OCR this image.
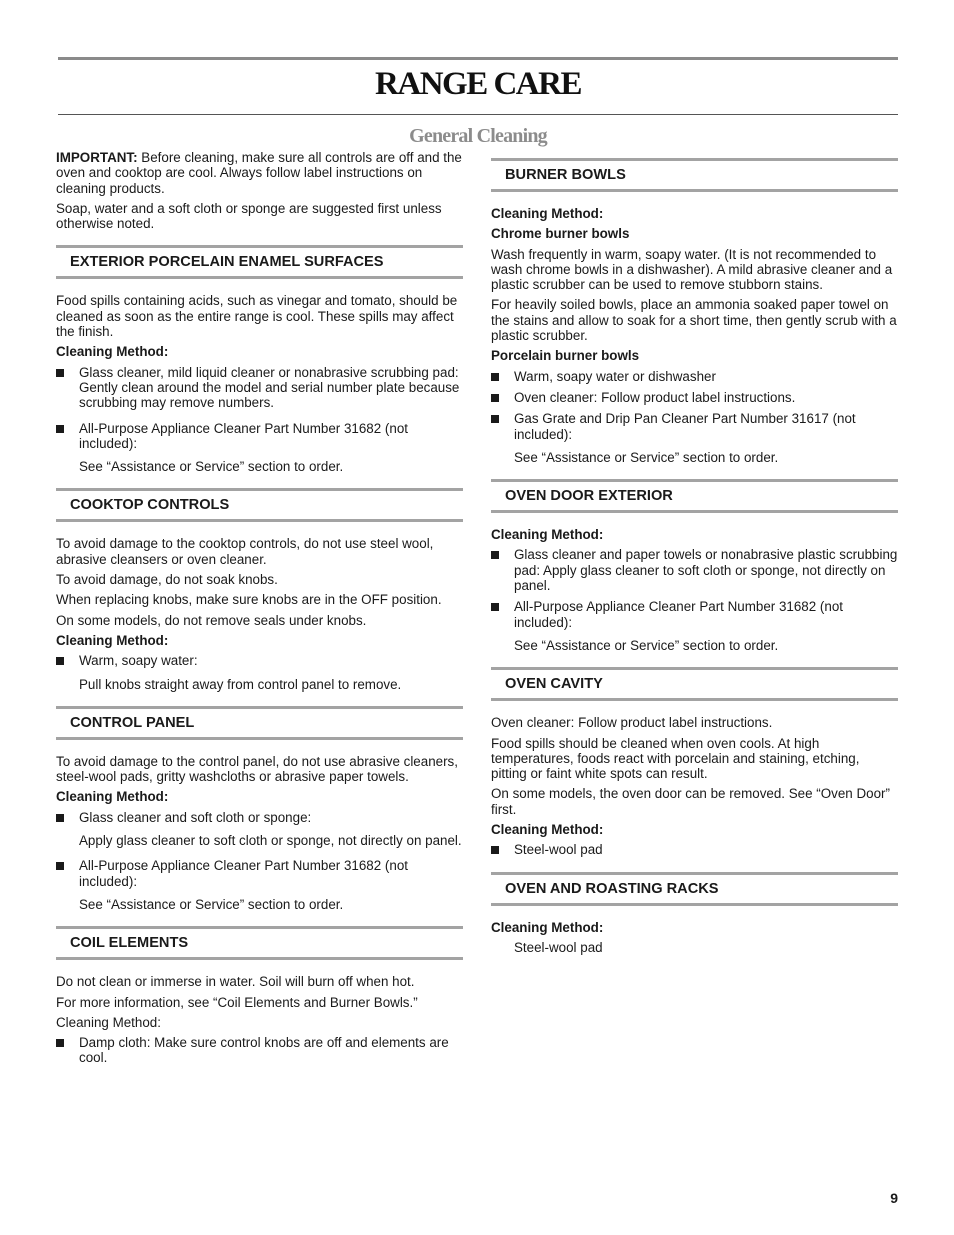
RANGE CARE
General Cleaning

IMPORTANT: Before cleaning, make sure all controls are off and the oven and cooktop are cool. Always follow label instructions on cleaning products.

Soap, water and a soft cloth or sponge are suggested first unless otherwise noted.

EXTERIOR PORCELAIN ENAMEL SURFACES

Food spills containing acids, such as vinegar and tomato, should be cleaned as soon as the entire range is cool. These spills may affect the finish.

Cleaning Method:

Glass cleaner, mild liquid cleaner or nonabrasive scrubbing pad:
Gently clean around the model and serial number plate because scrubbing may remove numbers.
All-Purpose Appliance Cleaner Part Number 31682 (not included):

See “Assistance or Service” section to order.

COOKTOP CONTROLS

To avoid damage to the cooktop controls, do not use steel wool, abrasive cleansers or oven cleaner.

To avoid damage, do not soak knobs.

When replacing knobs, make sure knobs are in the OFF position.

On some models, do not remove seals under knobs.

Cleaning Method:

Warm, soapy water:

Pull knobs straight away from control panel to remove.

CONTROL PANEL

To avoid damage to the control panel, do not use abrasive cleaners, steel-wool pads, gritty washcloths or abrasive paper towels.

Cleaning Method:

Glass cleaner and soft cloth or sponge:

Apply glass cleaner to soft cloth or sponge, not directly on panel.

All-Purpose Appliance Cleaner Part Number 31682 (not included):

See “Assistance or Service” section to order.

COIL ELEMENTS

Do not clean or immerse in water. Soil will burn off when hot.

For more information, see “Coil Elements and Burner Bowls.”

Cleaning Method:

Damp cloth: Make sure control knobs are off and elements are cool.
BURNER BOWLS

Cleaning Method:

Chrome burner bowls

Wash frequently in warm, soapy water. (It is not recommended to wash chrome bowls in a dishwasher). A mild abrasive cleaner and a plastic scrubber can be used to remove stubborn stains.

For heavily soiled bowls, place an ammonia soaked paper towel on the stains and allow to soak for a short time, then gently scrub with a plastic scrubber.

Porcelain burner bowls

Warm, soapy water or dishwasher
Oven cleaner: Follow product label instructions.
Gas Grate and Drip Pan Cleaner Part Number 31617 (not included):

See “Assistance or Service” section to order.

OVEN DOOR EXTERIOR

Cleaning Method:

Glass cleaner and paper towels or nonabrasive plastic scrubbing pad: Apply glass cleaner to soft cloth or sponge, not directly on panel.
All-Purpose Appliance Cleaner Part Number 31682 (not included):

See “Assistance or Service” section to order.

OVEN CAVITY

Oven cleaner: Follow product label instructions.

Food spills should be cleaned when oven cools. At high temperatures, foods react with porcelain and staining, etching, pitting or faint white spots can result.

On some models, the oven door can be removed. See “Oven Door” first.

Cleaning Method:

Steel-wool pad
OVEN AND ROASTING RACKS

Cleaning Method:

Steel-wool pad

9
